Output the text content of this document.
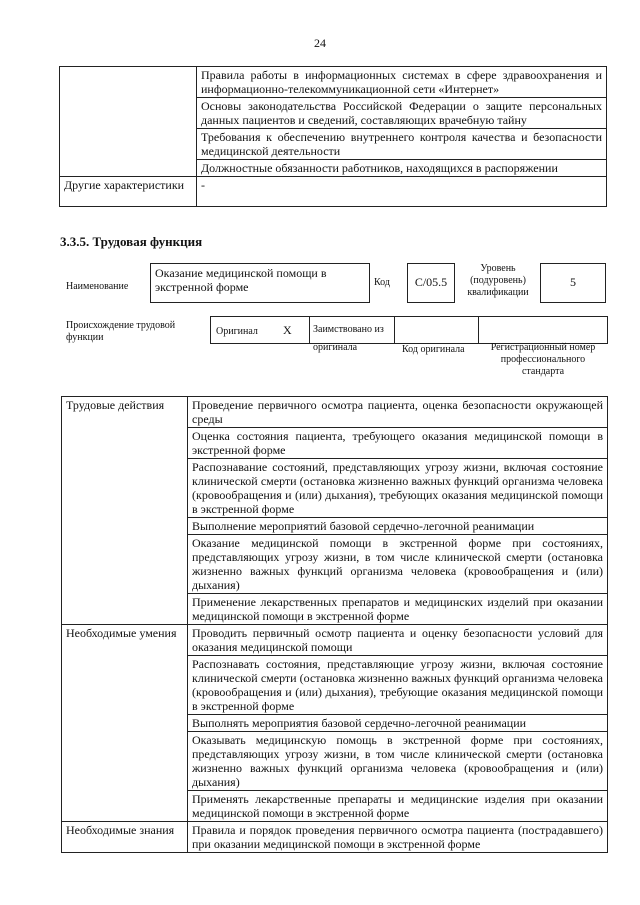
24
	Правила работы в информационных системах в сфере здравоохранения и информационно-телекоммуникационной сети «Интернет»
	Основы законодательства Российской Федерации о защите персональных данных пациентов и сведений, составляющих врачебную тайну
	Требования к обеспечению внутреннего контроля качества и безопасности медицинской деятельности
	Должностные обязанности работников, находящихся в распоряжении
Другие характеристики	-
3.3.5. Трудовая функция
Наименование
Оказание медицинской помощи в экстренной форме	Код	С/05.5
Уровень (подуровень) квалификации
5
Происхождение трудовой функции
Оригинал Х	Заимствовано из оригинала	Код оригинала	Регистрационный номер профессионального стандарта
Трудовые действия	Проведение первичного осмотра пациента, оценка безопасности окружающей среды
	Оценка состояния пациента, требующего оказания медицинской помощи в экстренной форме
	Распознавание состояний, представляющих угрозу жизни, включая состояние клинической смерти (остановка жизненно важных функций организма человека (кровообращения и (или) дыхания), требующих оказания медицинской помощи в экстренной форме
	Выполнение мероприятий базовой сердечно-легочной реанимации
	Оказание медицинской помощи в экстренной форме при состояниях, представляющих угрозу жизни, в том числе клинической смерти (остановка жизненно важных функций организма человека (кровообращения и (или) дыхания)
	Применение лекарственных препаратов и медицинских изделий при оказании медицинской помощи в экстренной форме
Необходимые умения	Проводить первичный осмотр пациента и оценку безопасности условий для оказания медицинской помощи
	Распознавать состояния, представляющие угрозу жизни, включая состояние клинической смерти (остановка жизненно важных функций организма человека (кровообращения и (или) дыхания), требующие оказания медицинской помощи в экстренной форме
	Выполнять мероприятия базовой сердечно-легочной реанимации
	Оказывать медицинскую помощь в экстренной форме при состояниях, представляющих угрозу жизни, в том числе клинической смерти (остановка жизненно важных функций организма человека (кровообращения и (или) дыхания)
	Применять лекарственные препараты и медицинские изделия при оказании медицинской помощи в экстренной форме
Необходимые знания	Правила и порядок проведения первичного осмотра пациента (пострадавшего) при оказании медицинской помощи в экстренной форме
